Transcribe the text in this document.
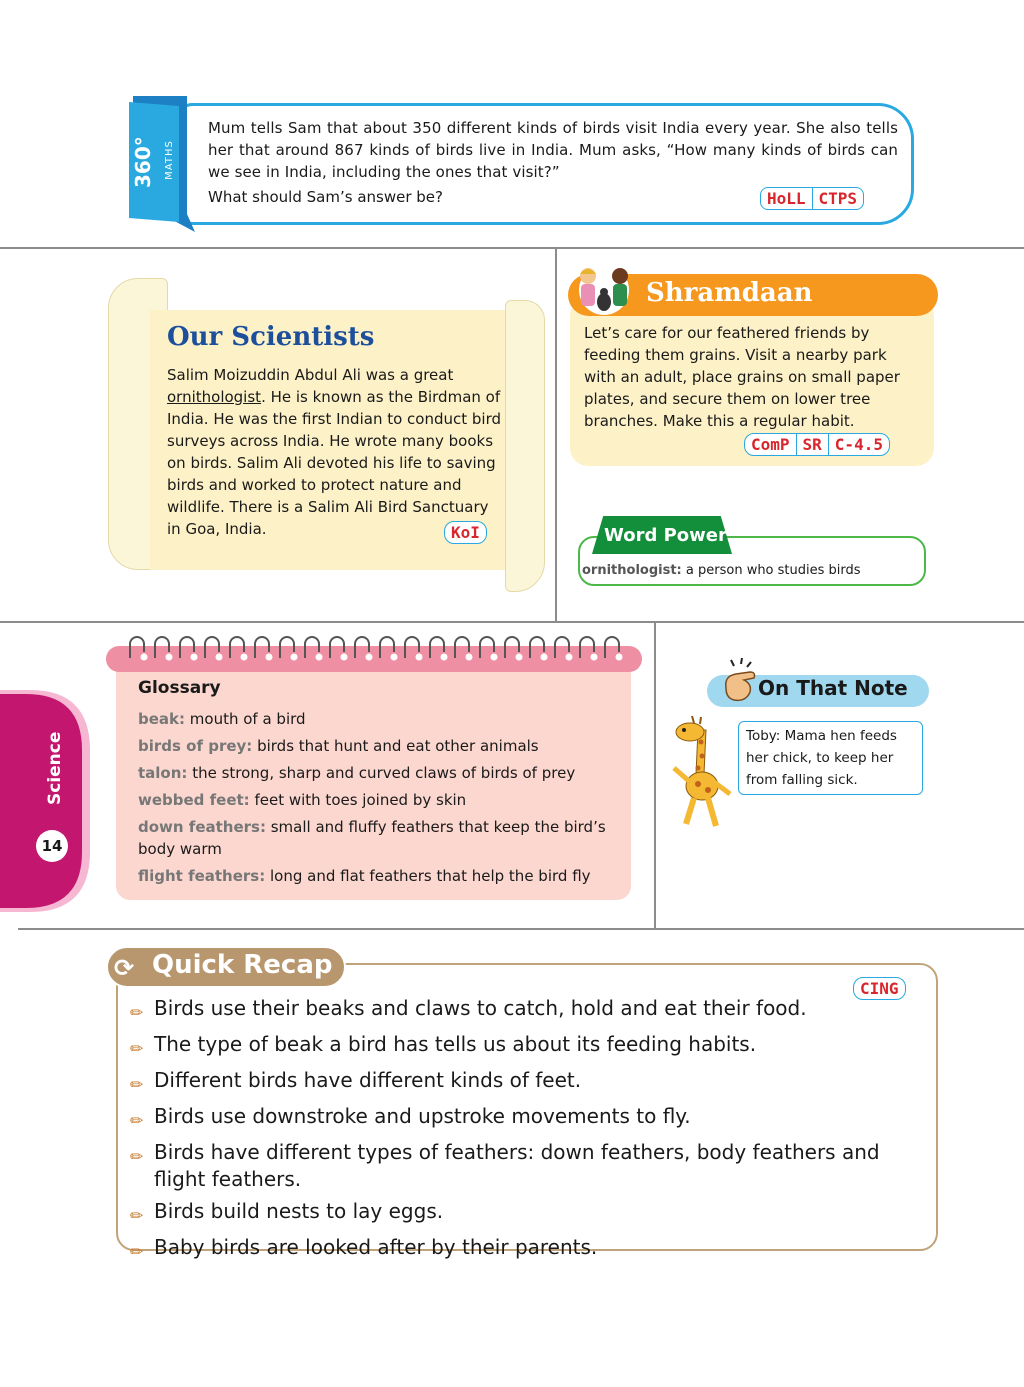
360° MATHS
Mum tells Sam that about 350 different kinds of birds visit India every year. She also tells her that around 867 kinds of birds live in India. Mum asks, “How many kinds of birds can we see in India, including the ones that visit?”
What should Sam’s answer be?	HoLL CTPS
Our Scientists
Salim Moizuddin Abdul Ali was a great ornithologist. He is known as the Birdman of India. He was the first Indian to conduct bird surveys across India. He wrote many books on birds. Salim Ali devoted his life to saving birds and worked to protect nature and wildlife. There is a Salim Ali Bird Sanctuary in Goa, India.	KoI
Shramdaan
Let’s care for our feathered friends by feeding them grains. Visit a nearby park with an adult, place grains on small paper plates, and secure them on lower tree branches. Make this a regular habit.
ComP SR C-4.5
Word Power
ornithologist: a person who studies birds
Science
14
Glossary
beak: mouth of a bird
birds of prey: birds that hunt and eat other animals
talon: the strong, sharp and curved claws of birds of prey
webbed feet: feet with toes joined by skin
down feathers: small and fluffy feathers that keep the bird’s body warm
flight feathers: long and flat feathers that help the bird fly
On That Note
Toby: Mama hen feeds her chick, to keep her from falling sick.
⟳ Quick Recap
CING
✏ Birds use their beaks and claws to catch, hold and eat their food.
✏ The type of beak a bird has tells us about its feeding habits.
✏ Different birds have different kinds of feet.
✏ Birds use downstroke and upstroke movements to fly.
✏ Birds have different types of feathers: down feathers, body feathers and flight feathers.
✏ Birds build nests to lay eggs.
✏ Baby birds are looked after by their parents.
